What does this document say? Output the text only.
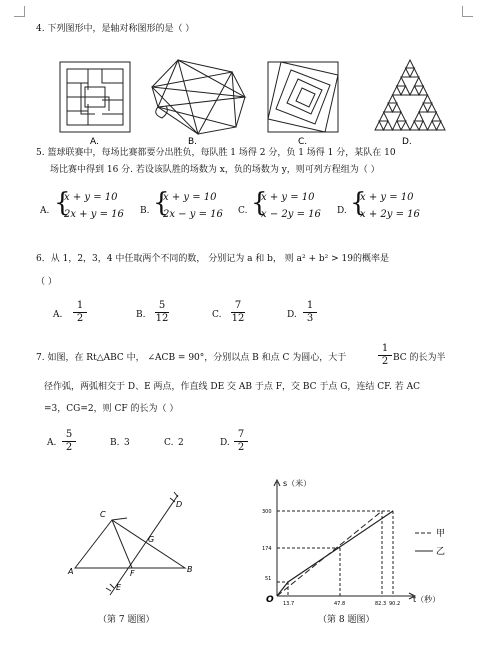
4. 下列图形中，是轴对称图形的是（ ）
A.	B.	C.	D.
5. 篮球联赛中，每场比赛都要分出胜负，每队胜 1 场得 2 分，负 1 场得 1 分，某队在 10
场比赛中得到 16 分. 若设该队胜的场数为 x，负的场数为 y，则可列方程组为（ ）
A. {
x + y = 10
2x + y = 16 B. {
x + y = 10
2x − y = 16 C. {
x + y = 10
x − 2y = 16 D. {
x + y = 10
x + 2y = 16
6．从 1，2，3，4 中任取两个不同的数， 分别记为 a 和 b， 则 a² + b² > 19的概率是
（ ）
A. $\frac{1}{2}$	B. $\frac{5}{12}$	C. $\frac{7}{12}$	D. $\frac{1}{3}$
7. 如图，在 Rt△ABC 中， ∠ACB = 90°，分别以点 B 和点 C 为圆心，大于	$\frac{1}{2}$ BC 的长为半
径作弧，两弧相交于 D、E 两点，作直线 DE 交 AB 于点 F，交 BC 于点 G，连结 CF. 若 AC
=3，CG=2，则 CF 的长为（ ）
A. $\frac{5}{2}$	B. 3	C. 2	D. $\frac{7}{2}$
C
D
G
A	F	B
E
（第 7 题图）
s（米）
t（秒）
O
300
174
51
13.7	47.8	82.3 90.2
甲
乙
（第 8 题图）
